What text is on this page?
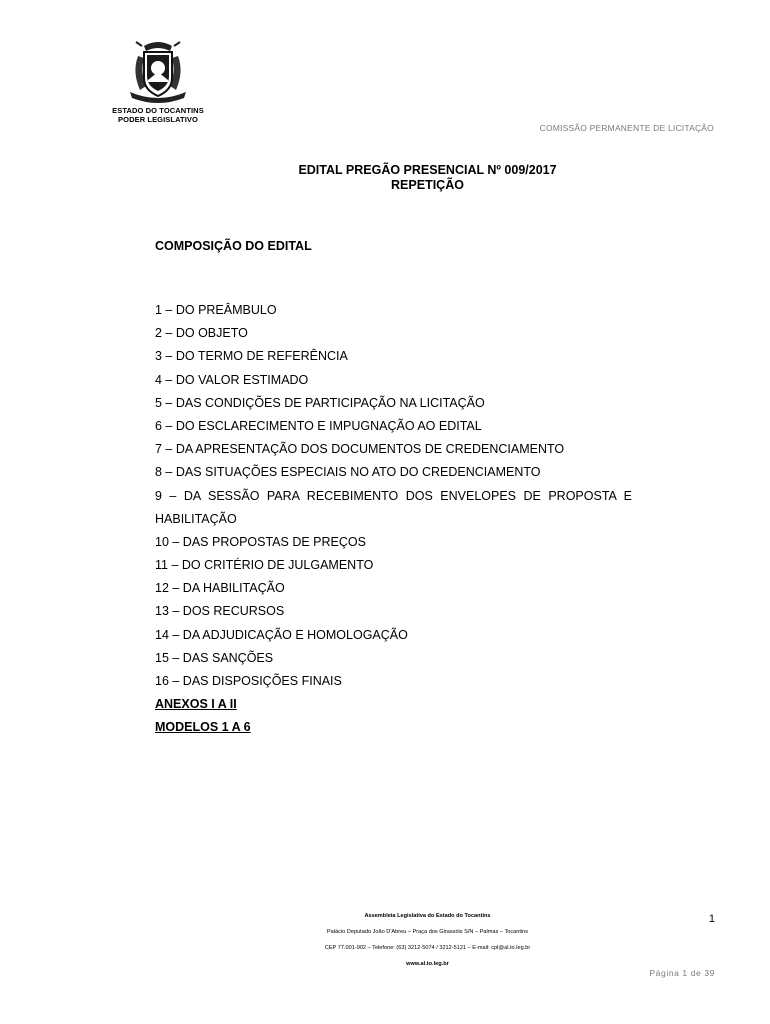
ESTADO DO TOCANTINS
PODER LEGISLATIVO
COMISSÃO PERMANENTE DE LICITAÇÃO
EDITAL PREGÃO PRESENCIAL Nº 009/2017
REPETIÇÃO
COMPOSIÇÃO DO EDITAL
1 – DO PREÂMBULO
2 – DO OBJETO
3 – DO TERMO DE REFERÊNCIA
4 – DO VALOR ESTIMADO
5 – DAS CONDIÇÕES DE PARTICIPAÇÃO NA LICITAÇÃO
6 – DO ESCLARECIMENTO E IMPUGNAÇÃO AO EDITAL
7 – DA APRESENTAÇÃO DOS DOCUMENTOS DE CREDENCIAMENTO
8 – DAS SITUAÇÕES ESPECIAIS NO ATO DO CREDENCIAMENTO
9 – DA SESSÃO PARA RECEBIMENTO DOS ENVELOPES DE PROPOSTA E
HABILITAÇÃO
10 – DAS PROPOSTAS DE PREÇOS
11 – DO CRITÉRIO DE JULGAMENTO
12 – DA HABILITAÇÃO
13 – DOS RECURSOS
14 – DA ADJUDICAÇÃO E HOMOLOGAÇÃO
15 – DAS SANÇÕES
16 – DAS DISPOSIÇÕES FINAIS
ANEXOS I A II
MODELOS 1 A 6
Assembleia Legislativa do Estado do Tocantins
Palácio Deputado João D'Abreu – Praça dos Girassóis S/N – Palmas – Tocantins
CEP 77.001-902 – Telefone: (63) 3212-5074 / 3212-5121 – E-mail: cpl@al.to.leg.br
www.al.to.leg.br
1
Página 1 de 39
